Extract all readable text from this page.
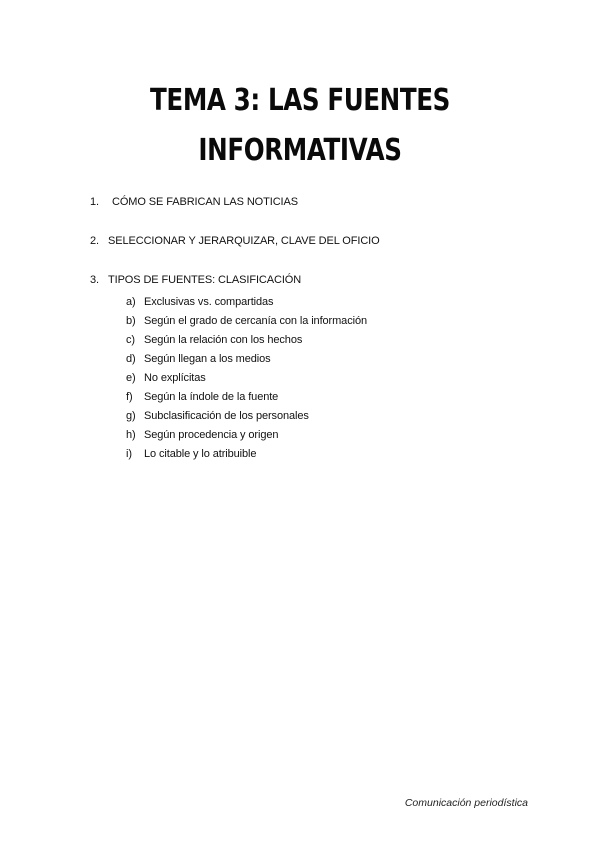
TEMA 3: LAS FUENTES
INFORMATIVAS
1. CÓMO SE FABRICAN LAS NOTICIAS
2. SELECCIONAR Y JERARQUIZAR, CLAVE DEL OFICIO
3. TIPOS DE FUENTES: CLASIFICACIÓN
a) Exclusivas vs. compartidas
b) Según el grado de cercanía con la información
c) Según la relación con los hechos
d) Según llegan a los medios
e) No explícitas
f) Según la índole de la fuente
g) Subclasificación de los personales
h) Según procedencia y origen
i) Lo citable y lo atribuible
Comunicación periodística
